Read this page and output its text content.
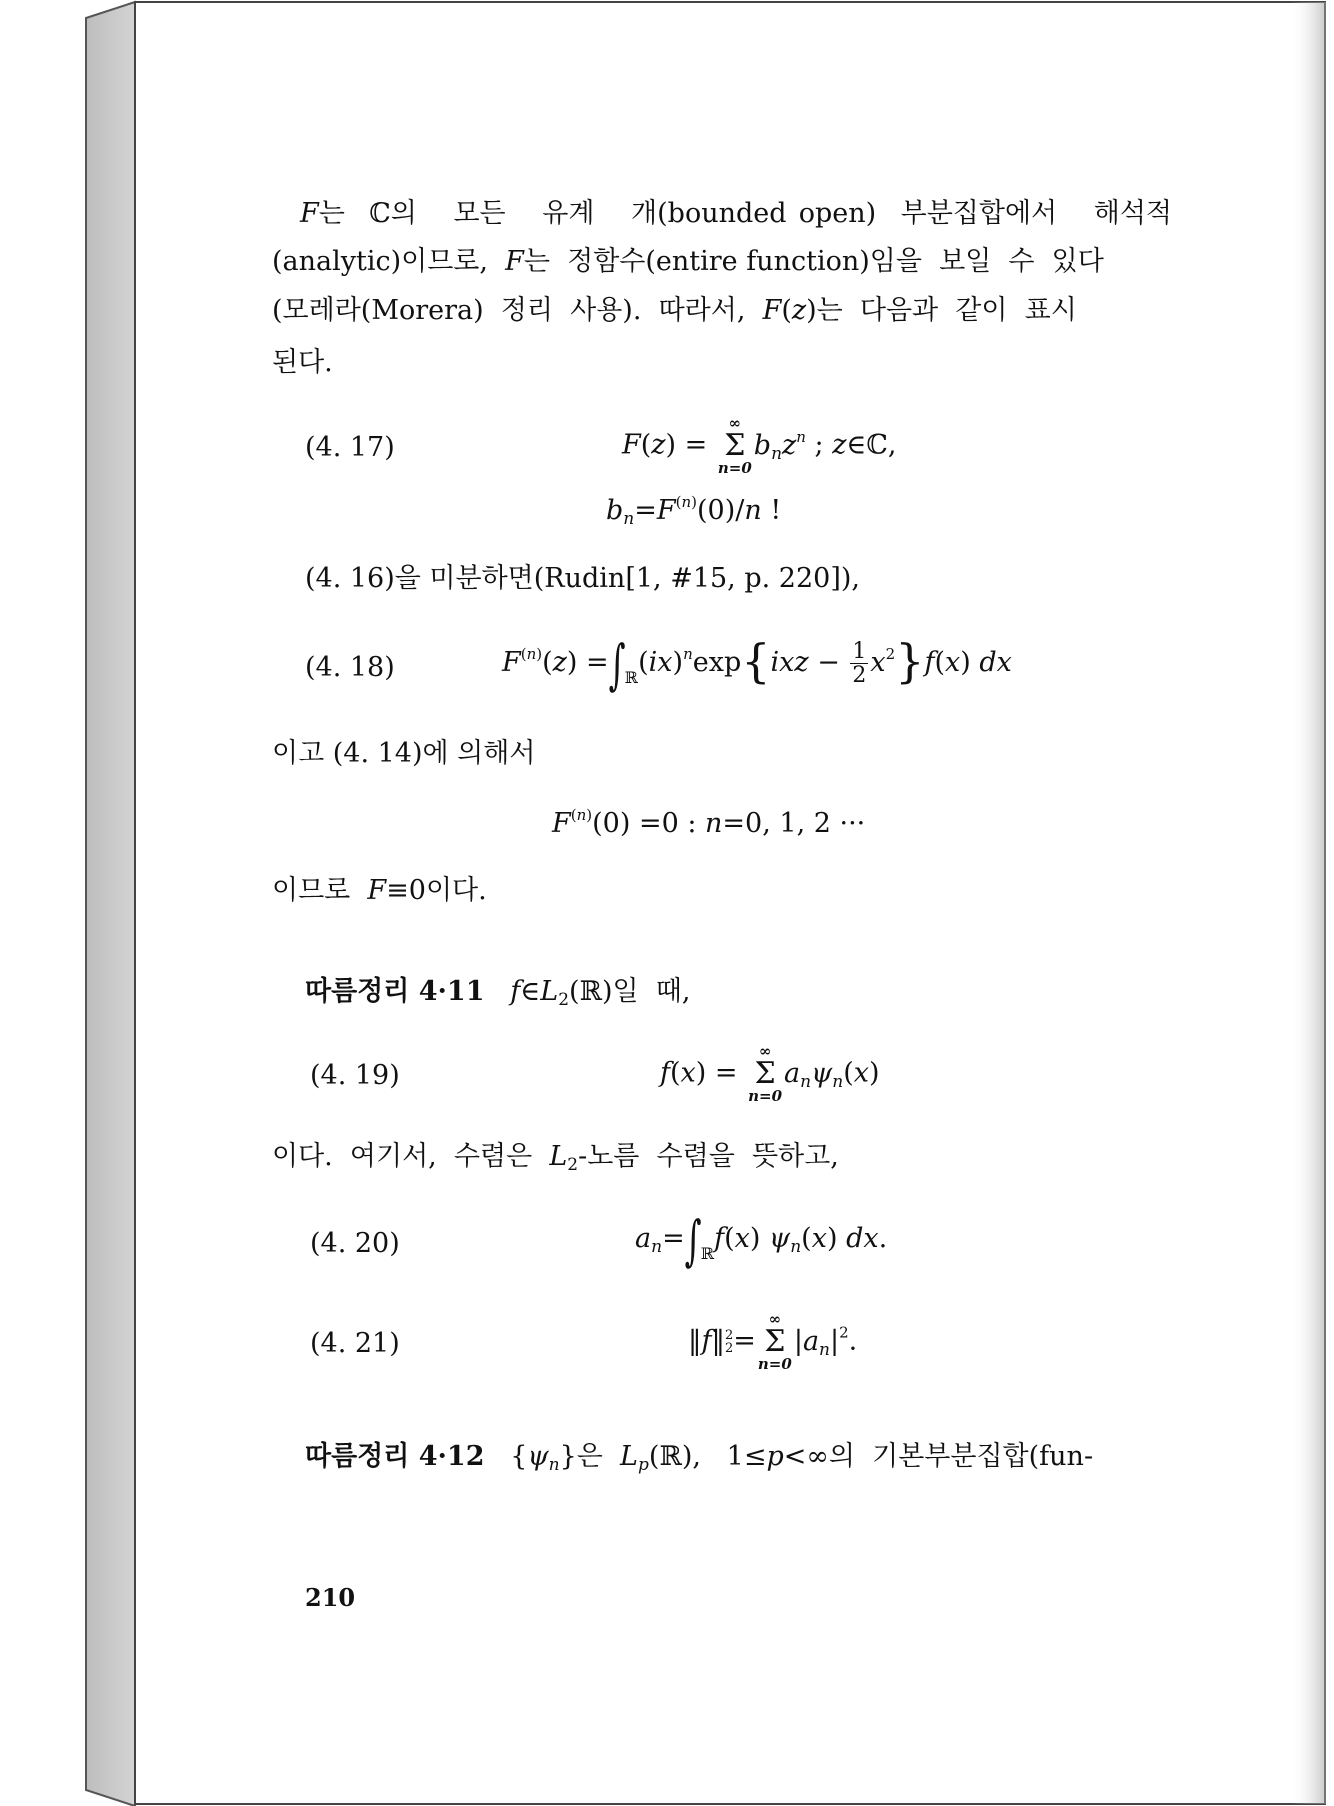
F는  ℂ의   모든   유계   개(bounded open)  부분집합에서   해석적
(analytic)이므로,  F는  정함수(entire function)임을  보일  수  있다
(모레라(Morera)  정리  사용).  따라서,  F(z)는  다음과  같이  표시
된다.
(4. 17)	F(z) =
∞
Σ
n=0
$b_nz^n$ ; z∈ℂ,
$b_n=F^{(n)}(0)/n$ !
(4. 16)을 미분하면(Rudin[1, #15, p. 220]),
(4. 18)	$F^{(n)}(z) =\int_ℝ(ix)^n\exp\{ixz - \frac{1}{2}x^2\}f(x)$ dx
이고 (4. 14)에 의해서
$F^{(n)}(0) =0$ : n=0, 1, 2 ···
이므로  F≡0이다.
따름정리 4·11 $f\in L_2(ℝ)$일  때,
(4. 19)	f(x) =
∞
Σ
n=0
$a_n\psi_n(x)$
이다.  여기서,  수렴은  $L_2-$노름  수렴을  뜻하고,
(4. 20)	$a_n=\int_ℝf(x)$ $\psi_n(x)$ dx.
(4. 21)	‖f‖2
2=
∞
Σ
n=0
$|a_n|^2$.
따름정리 4·12   $\{\psi_n\}$은  $L_p(ℝ)$,   1≤p<∞의  기본부분집합(fun-
210
